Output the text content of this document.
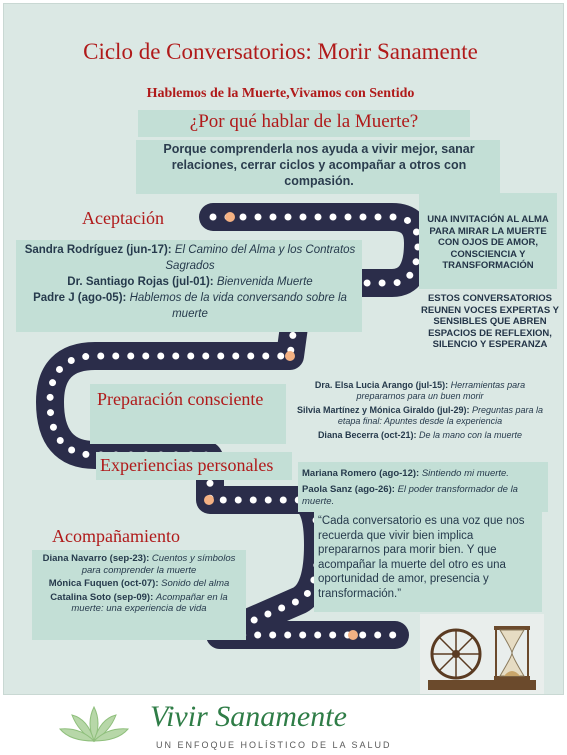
Ciclo de Conversatorios: Morir Sanamente
Hablemos de la Muerte,Vivamos con Sentido
¿Por qué hablar de la Muerte?
Porque comprenderla nos ayuda a vivir mejor, sanar relaciones, cerrar ciclos y acompañar a otros con compasión.
UNA INVITACIÓN AL ALMA PARA MIRAR LA MUERTE CON OJOS DE AMOR, CONSCIENCIA Y TRANSFORMACIÓN
ESTOS CONVERSATORIOS REUNEN VOCES EXPERTAS Y SENSIBLES QUE ABREN ESPACIOS DE REFLEXION, SILENCIO Y ESPERANZA
Aceptación
Sandra Rodríguez (jun-17): El Camino del Alma y los Contratos Sagrados
Dr. Santiago Rojas (jul-01): Bienvenida Muerte
Padre J (ago-05): Hablemos de la vida conversando sobre la muerte
Preparación consciente
Dra. Elsa Lucia Arango (jul-15): Herramientas para prepararnos para un buen morir
Silvia Martínez y Mónica Giraldo (jul-29): Preguntas para la etapa final: Apuntes desde la experiencia
Diana Becerra (oct-21): De la mano con la muerte
Experiencias personales	Mariana Romero (ago-12): Sintiendo mi muerte.
Paola Sanz (ago-26): El poder transformador de la muerte.
“Cada conversatorio es una voz que nos recuerda que vivir bien implica prepararnos para morir bien. Y que acompañar la muerte del otro es una oportunidad de amor, presencia y transformación.”
Acompañamiento
Diana Navarro (sep-23): Cuentos y símbolos para comprender la muerte
Mónica Fuquen (oct-07): Sonido del alma
Catalina Soto (sep-09): Acompañar en la muerte: una experiencia de vida
Vivir Sanamente
UN ENFOQUE HOLÍSTICO DE LA SALUD
